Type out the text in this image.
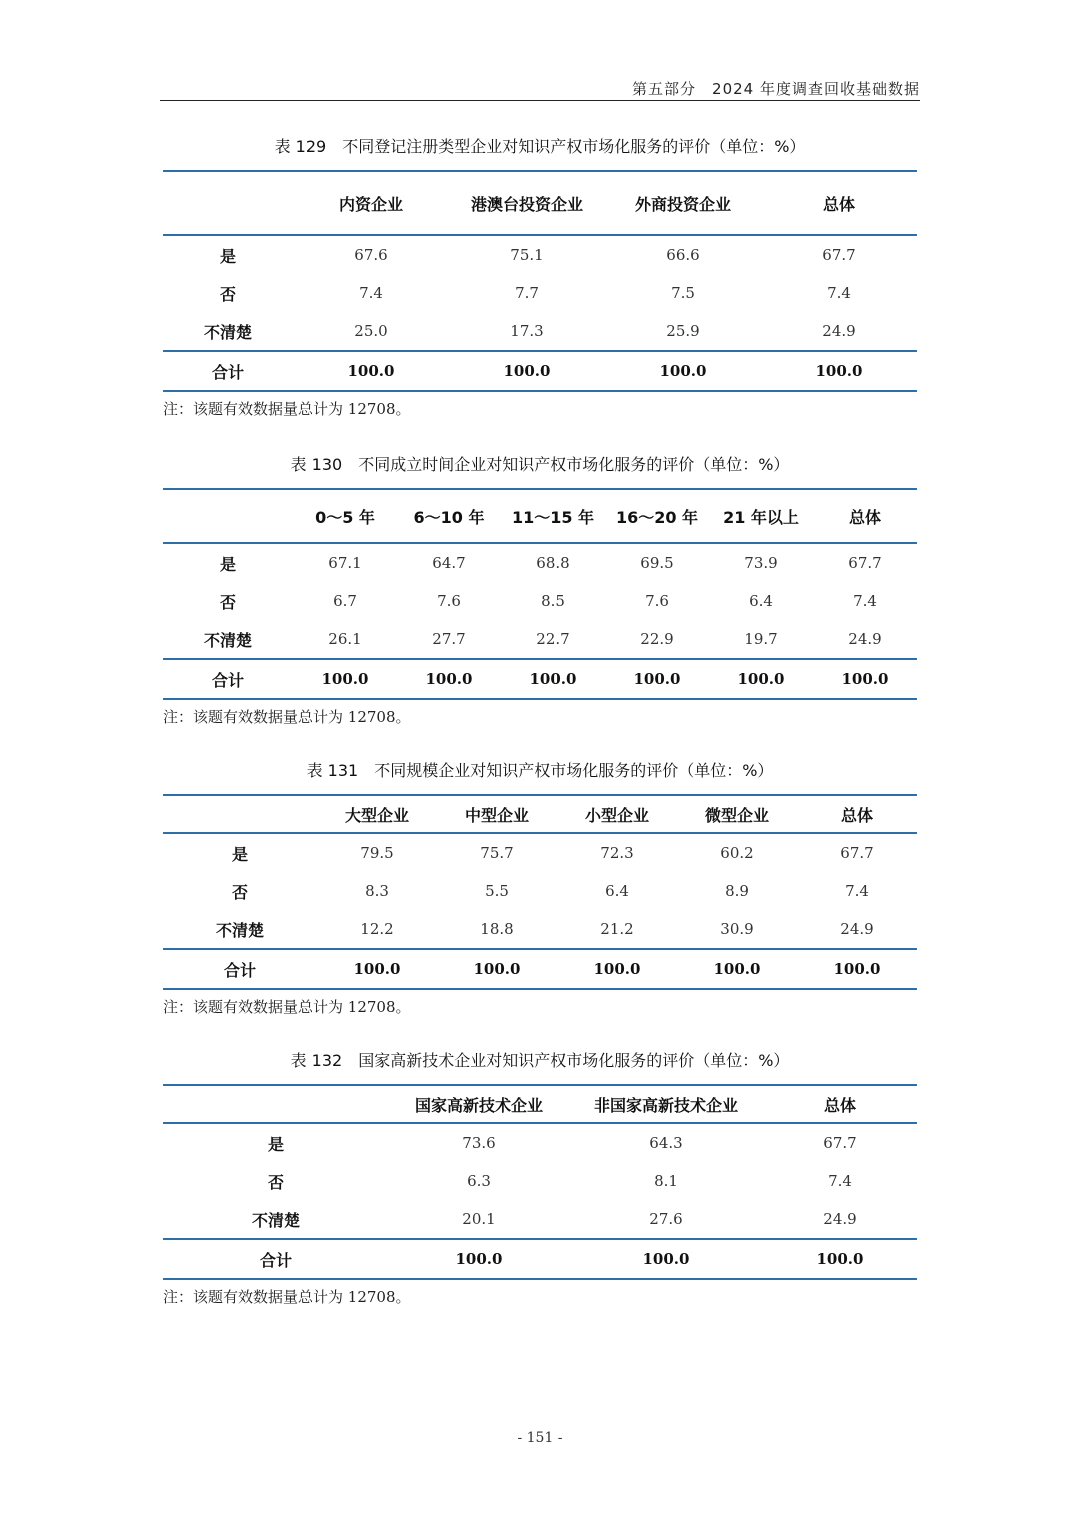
第五部分　2024 年度调查回收基础数据
表 129 不同登记注册类型企业对知识产权市场化服务的评价（单位：%）
	内资企业	港澳台投资企业	外商投资企业	总体
是	67.6	75.1	66.6	67.7
否	7.4	7.7	7.5	7.4
不清楚	25.0	17.3	25.9	24.9
合计	100.0	100.0	100.0	100.0
注：该题有效数据量总计为 12708。
表 130 不同成立时间企业对知识产权市场化服务的评价（单位：%）
	0～5 年	6～10 年	11～15 年	16～20 年	21 年以上	总体
是	67.1	64.7	68.8	69.5	73.9	67.7
否	6.7	7.6	8.5	7.6	6.4	7.4
不清楚	26.1	27.7	22.7	22.9	19.7	24.9
合计	100.0	100.0	100.0	100.0	100.0	100.0
注：该题有效数据量总计为 12708。
表 131 不同规模企业对知识产权市场化服务的评价（单位：%）
	大型企业	中型企业	小型企业	微型企业	总体
是	79.5	75.7	72.3	60.2	67.7
否	8.3	5.5	6.4	8.9	7.4
不清楚	12.2	18.8	21.2	30.9	24.9
合计	100.0	100.0	100.0	100.0	100.0
注：该题有效数据量总计为 12708。
表 132 国家高新技术企业对知识产权市场化服务的评价（单位：%）
	国家高新技术企业	非国家高新技术企业	总体
是	73.6	64.3	67.7
否	6.3	8.1	7.4
不清楚	20.1	27.6	24.9
合计	100.0	100.0	100.0
注：该题有效数据量总计为 12708。
- 151 -
